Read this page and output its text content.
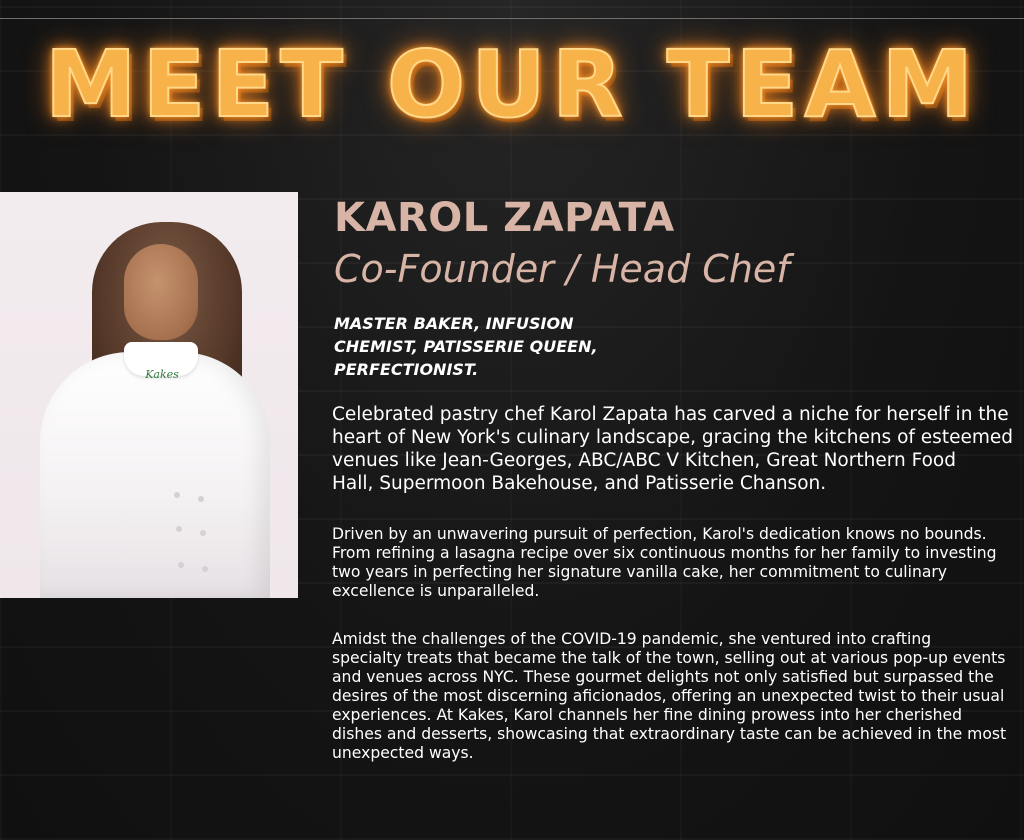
MEET OUR TEAM
Kakes
KAROL ZAPATA
Co-Founder / Head Chef
MASTER BAKER, INFUSION
CHEMIST, PATISSERIE QUEEN,
PERFECTIONIST.
Celebrated pastry chef Karol Zapata has carved a niche for herself in the
heart of New York's culinary landscape, gracing the kitchens of esteemed
venues like Jean-Georges, ABC/ABC V Kitchen, Great Northern Food
Hall, Supermoon Bakehouse, and Patisserie Chanson.
Driven by an unwavering pursuit of perfection, Karol's dedication knows no bounds.
From refining a lasagna recipe over six continuous months for her family to investing
two years in perfecting her signature vanilla cake, her commitment to culinary
excellence is unparalleled.
Amidst the challenges of the COVID-19 pandemic, she ventured into crafting
specialty treats that became the talk of the town, selling out at various pop-up events
and venues across NYC. These gourmet delights not only satisfied but surpassed the
desires of the most discerning aficionados, offering an unexpected twist to their usual
experiences. At Kakes, Karol channels her fine dining prowess into her cherished
dishes and desserts, showcasing that extraordinary taste can be achieved in the most
unexpected ways.
